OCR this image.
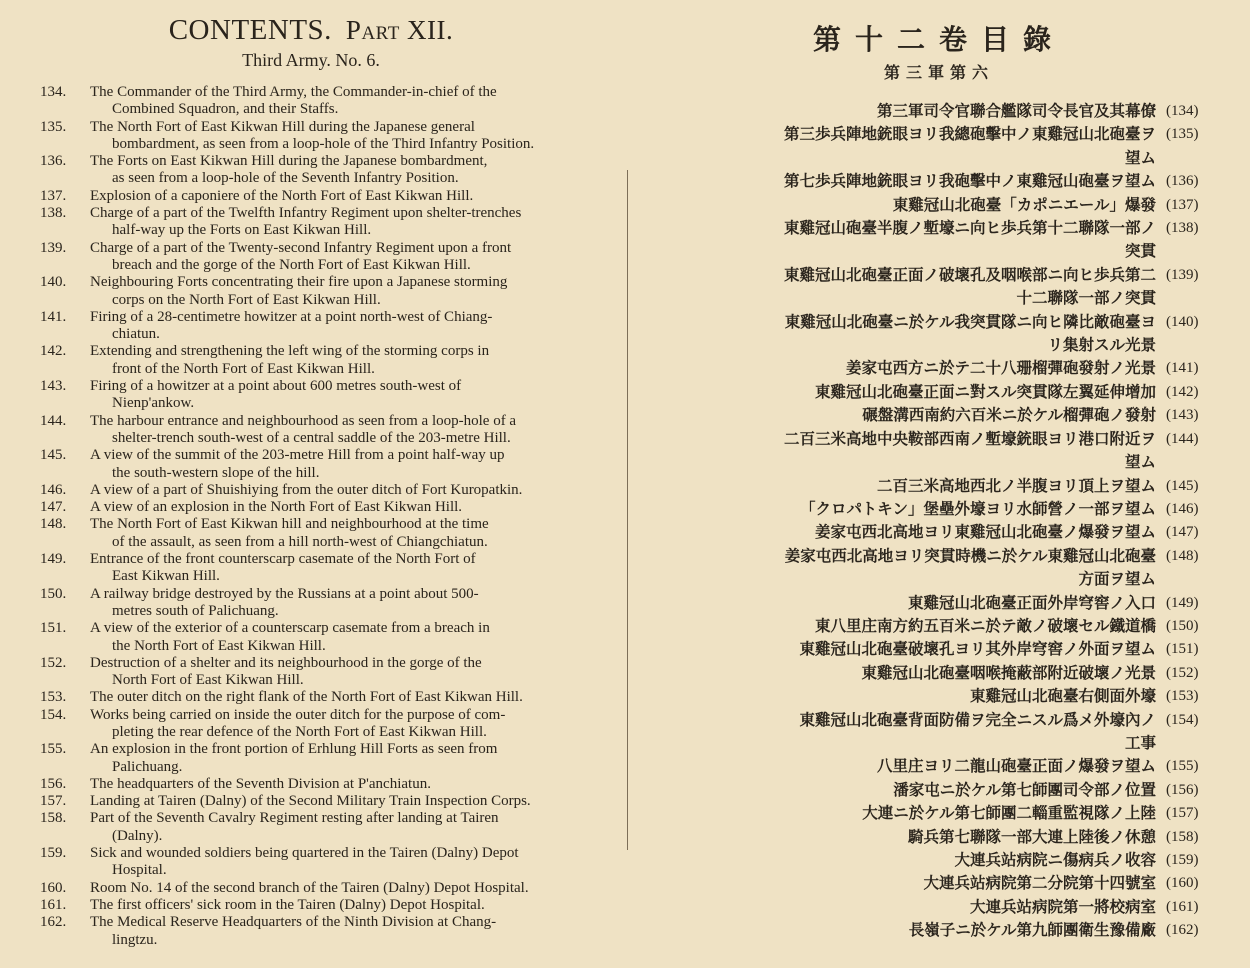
CONTENTS. Part XII.
Third Army. No. 6.
134.	The Commander of the Third Army, the Commander-in-chief of the
Combined Squadron, and their Staffs.
135.	The North Fort of East Kikwan Hill during the Japanese general
bombardment, as seen from a loop-hole of the Third Infantry Position.
136.	The Forts on East Kikwan Hill during the Japanese bombardment,
as seen from a loop-hole of the Seventh Infantry Position.
137.	Explosion of a caponiere of the North Fort of East Kikwan Hill.
138.	Charge of a part of the Twelfth Infantry Regiment upon shelter-trenches
half-way up the Forts on East Kikwan Hill.
139.	Charge of a part of the Twenty-second Infantry Regiment upon a front
breach and the gorge of the North Fort of East Kikwan Hill.
140.	Neighbouring Forts concentrating their fire upon a Japanese storming
corps on the North Fort of East Kikwan Hill.
141.	Firing of a 28-centimetre howitzer at a point north-west of Chiang-
chiatun.
142.	Extending and strengthening the left wing of the storming corps in
front of the North Fort of East Kikwan Hill.
143.	Firing of a howitzer at a point about 600 metres south-west of
Nienp'ankow.
144.	The harbour entrance and neighbourhood as seen from a loop-hole of a
shelter-trench south-west of a central saddle of the 203-metre Hill.
145.	A view of the summit of the 203-metre Hill from a point half-way up
the south-western slope of the hill.
146.	A view of a part of Shuishiying from the outer ditch of Fort Kuropatkin.
147.	A view of an explosion in the North Fort of East Kikwan Hill.
148.	The North Fort of East Kikwan hill and neighbourhood at the time
of the assault, as seen from a hill north-west of Chiangchiatun.
149.	Entrance of the front counterscarp casemate of the North Fort of
East Kikwan Hill.
150.	A railway bridge destroyed by the Russians at a point about 500-
metres south of Palichuang.
151.	A view of the exterior of a counterscarp casemate from a breach in
the North Fort of East Kikwan Hill.
152.	Destruction of a shelter and its neighbourhood in the gorge of the
North Fort of East Kikwan Hill.
153.	The outer ditch on the right flank of the North Fort of East Kikwan Hill.
154.	Works being carried on inside the outer ditch for the purpose of com-
pleting the rear defence of the North Fort of East Kikwan Hill.
155.	An explosion in the front portion of Erhlung Hill Forts as seen from
Palichuang.
156.	The headquarters of the Seventh Division at P'anchiatun.
157.	Landing at Tairen (Dalny) of the Second Military Train Inspection Corps.
158.	Part of the Seventh Cavalry Regiment resting after landing at Tairen
(Dalny).
159.	Sick and wounded soldiers being quartered in the Tairen (Dalny) Depot
Hospital.
160.	Room No. 14 of the second branch of the Tairen (Dalny) Depot Hospital.
161.	The first officers' sick room in the Tairen (Dalny) Depot Hospital.
162.	The Medical Reserve Headquarters of the Ninth Division at Chang-
lingtzu.
第十二卷目錄
第三軍第六
(134)
第三軍司令官聯合艦隊司令長官及其幕僚
(135)
第三歩兵陣地銃眼ヨリ我總砲擊中ノ東雞冠山北砲臺ヲ
望ム
(136)
第七歩兵陣地銃眼ヨリ我砲擊中ノ東雞冠山砲臺ヲ望ム
(137)
東雞冠山北砲臺「カポニエール」爆發
(138)
東雞冠山砲臺半腹ノ塹壕ニ向ヒ歩兵第十二聯隊一部ノ
突貫
(139)
東雞冠山北砲臺正面ノ破壞孔及咽喉部ニ向ヒ歩兵第二
十二聯隊一部ノ突貫
(140)
東雞冠山北砲臺ニ於ケル我突貫隊ニ向ヒ隣比敵砲臺ヨ
リ集射スル光景
(141)
姜家屯西方ニ於テ二十八珊榴彈砲發射ノ光景
(142)
東雞冠山北砲臺正面ニ對スル突貫隊左翼延伸增加
(143)
碾盤溝西南約六百米ニ於ケル榴彈砲ノ發射
(144)
二百三米高地中央鞍部西南ノ塹壕銃眼ヨリ港口附近ヲ
望ム
(145)
二百三米高地西北ノ半腹ヨリ頂上ヲ望ム
(146)
「クロパトキン」堡壘外壕ヨリ水師營ノ一部ヲ望ム
(147)
姜家屯西北高地ヨリ東雞冠山北砲臺ノ爆發ヲ望ム
(148)
姜家屯西北高地ヨリ突貫時機ニ於ケル東雞冠山北砲臺
方面ヲ望ム
(149)
東雞冠山北砲臺正面外岸穹窖ノ入口
(150)
東八里庄南方約五百米ニ於テ敵ノ破壞セル鐵道橋
(151)
東雞冠山北砲臺破壞孔ヨリ其外岸穹窖ノ外面ヲ望ム
(152)
東雞冠山北砲臺咽喉掩蔽部附近破壞ノ光景
(153)
東雞冠山北砲臺右側面外壕
(154)
東雞冠山北砲臺背面防備ヲ完全ニスル爲メ外壕內ノ
工事
(155)
八里庄ヨリ二龍山砲臺正面ノ爆發ヲ望ム
(156)
潘家屯ニ於ケル第七師團司令部ノ位置
(157)
大連ニ於ケル第七師團二輜重監視隊ノ上陸
(158)
騎兵第七聯隊一部大連上陸後ノ休憩
(159)
大連兵站病院ニ傷病兵ノ收容
(160)
大連兵站病院第二分院第十四號室
(161)
大連兵站病院第一將校病室
(162)
長嶺子ニ於ケル第九師團衛生豫備廠
